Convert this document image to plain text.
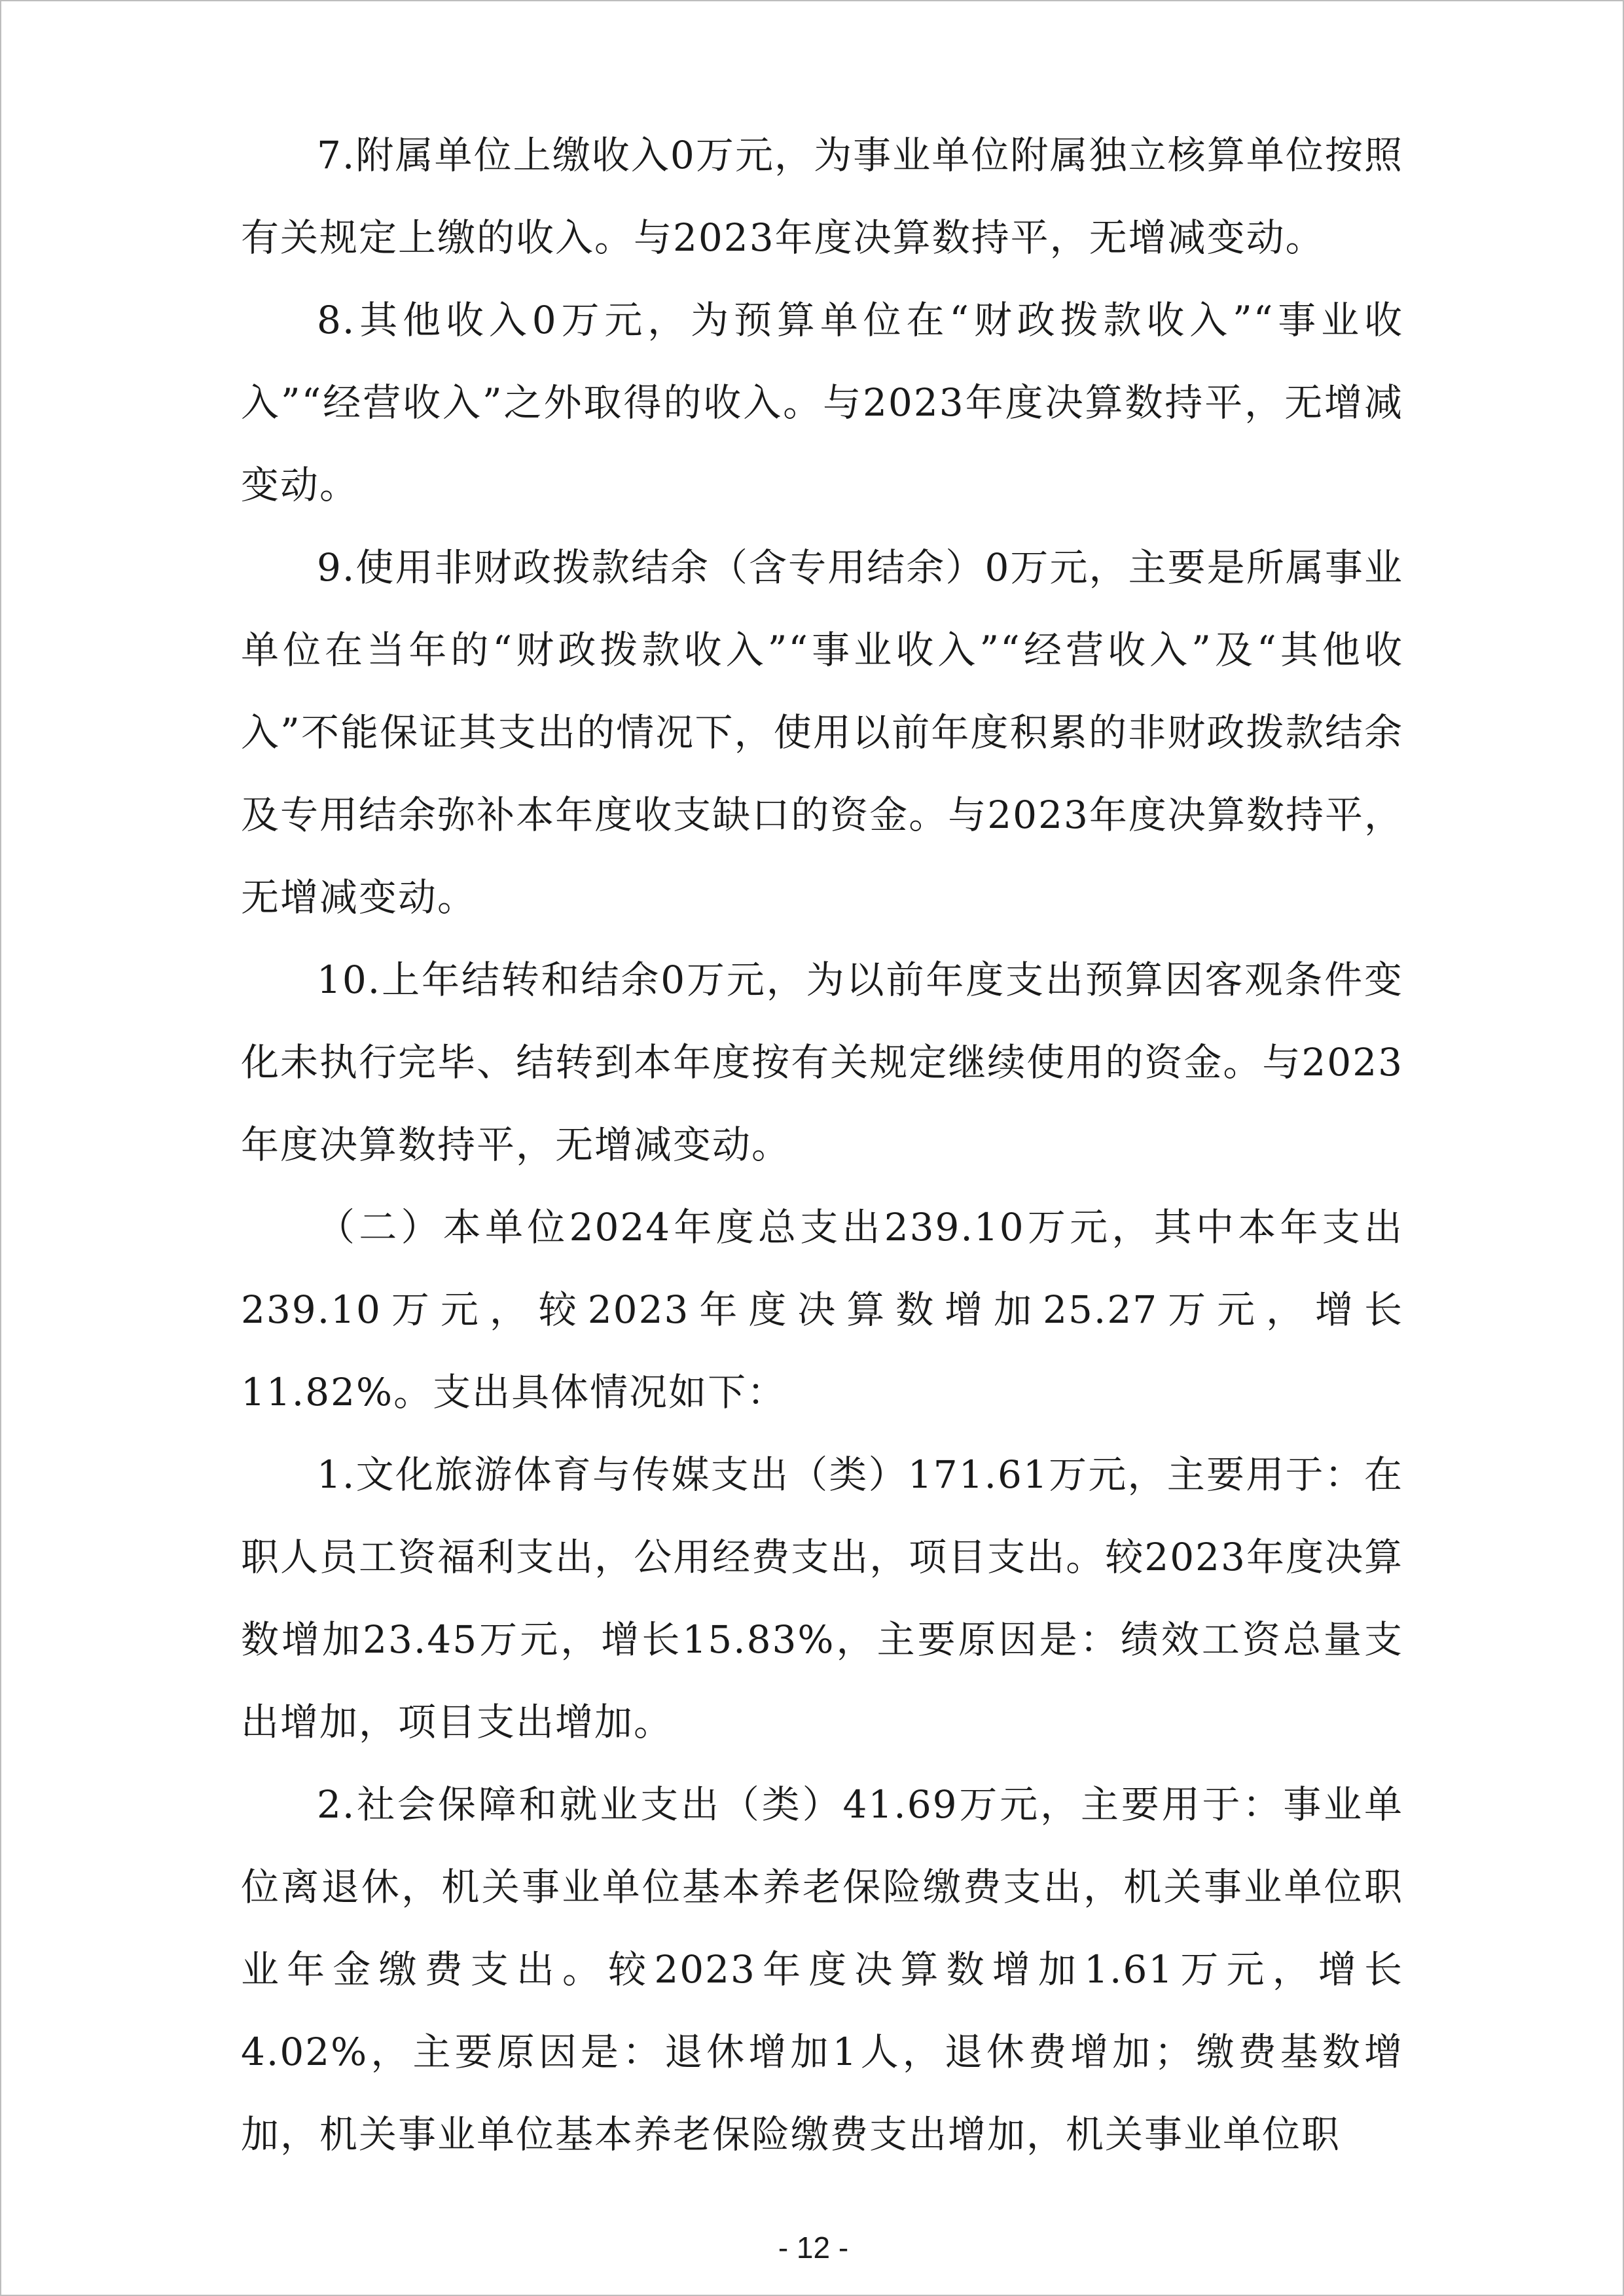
7.附属单位上缴收入0万元，为事业单位附属独立核算单位按照有关规定上缴的收入。与2023年度决算数持平，无增减变动。

8.其他收入0万元，为预算单位在“财政拨款收入”“事业收入”“经营收入”之外取得的收入。与2023年度决算数持平，无增减变动。

9.使用非财政拨款结余（含专用结余）0万元，主要是所属事业单位在当年的“财政拨款收入”“事业收入”“经营收入”及“其他收入”不能保证其支出的情况下，使用以前年度积累的非财政拨款结余及专用结余弥补本年度收支缺口的资金。与2023年度决算数持平，无增减变动。

10.上年结转和结余0万元，为以前年度支出预算因客观条件变化未执行完毕、结转到本年度按有关规定继续使用的资金。与2023年度决算数持平，无增减变动。

（二）本单位2024年度总支出239.10万元，其中本年支出239.10万元，较2023年度决算数增加25.27万元，增长11.82%。支出具体情况如下：

1.文化旅游体育与传媒支出（类）171.61万元，主要用于：在职人员工资福利支出，公用经费支出，项目支出。较2023年度决算数增加23.45万元，增长15.83%，主要原因是：绩效工资总量支出增加，项目支出增加。

2.社会保障和就业支出（类）41.69万元，主要用于：事业单位离退休，机关事业单位基本养老保险缴费支出，机关事业单位职业年金缴费支出。较2023年度决算数增加1.61万元，增长4.02%，主要原因是：退休增加1人，退休费增加；缴费基数增加，机关事业单位基本养老保险缴费支出增加，机关事业单位职

- 12 -
